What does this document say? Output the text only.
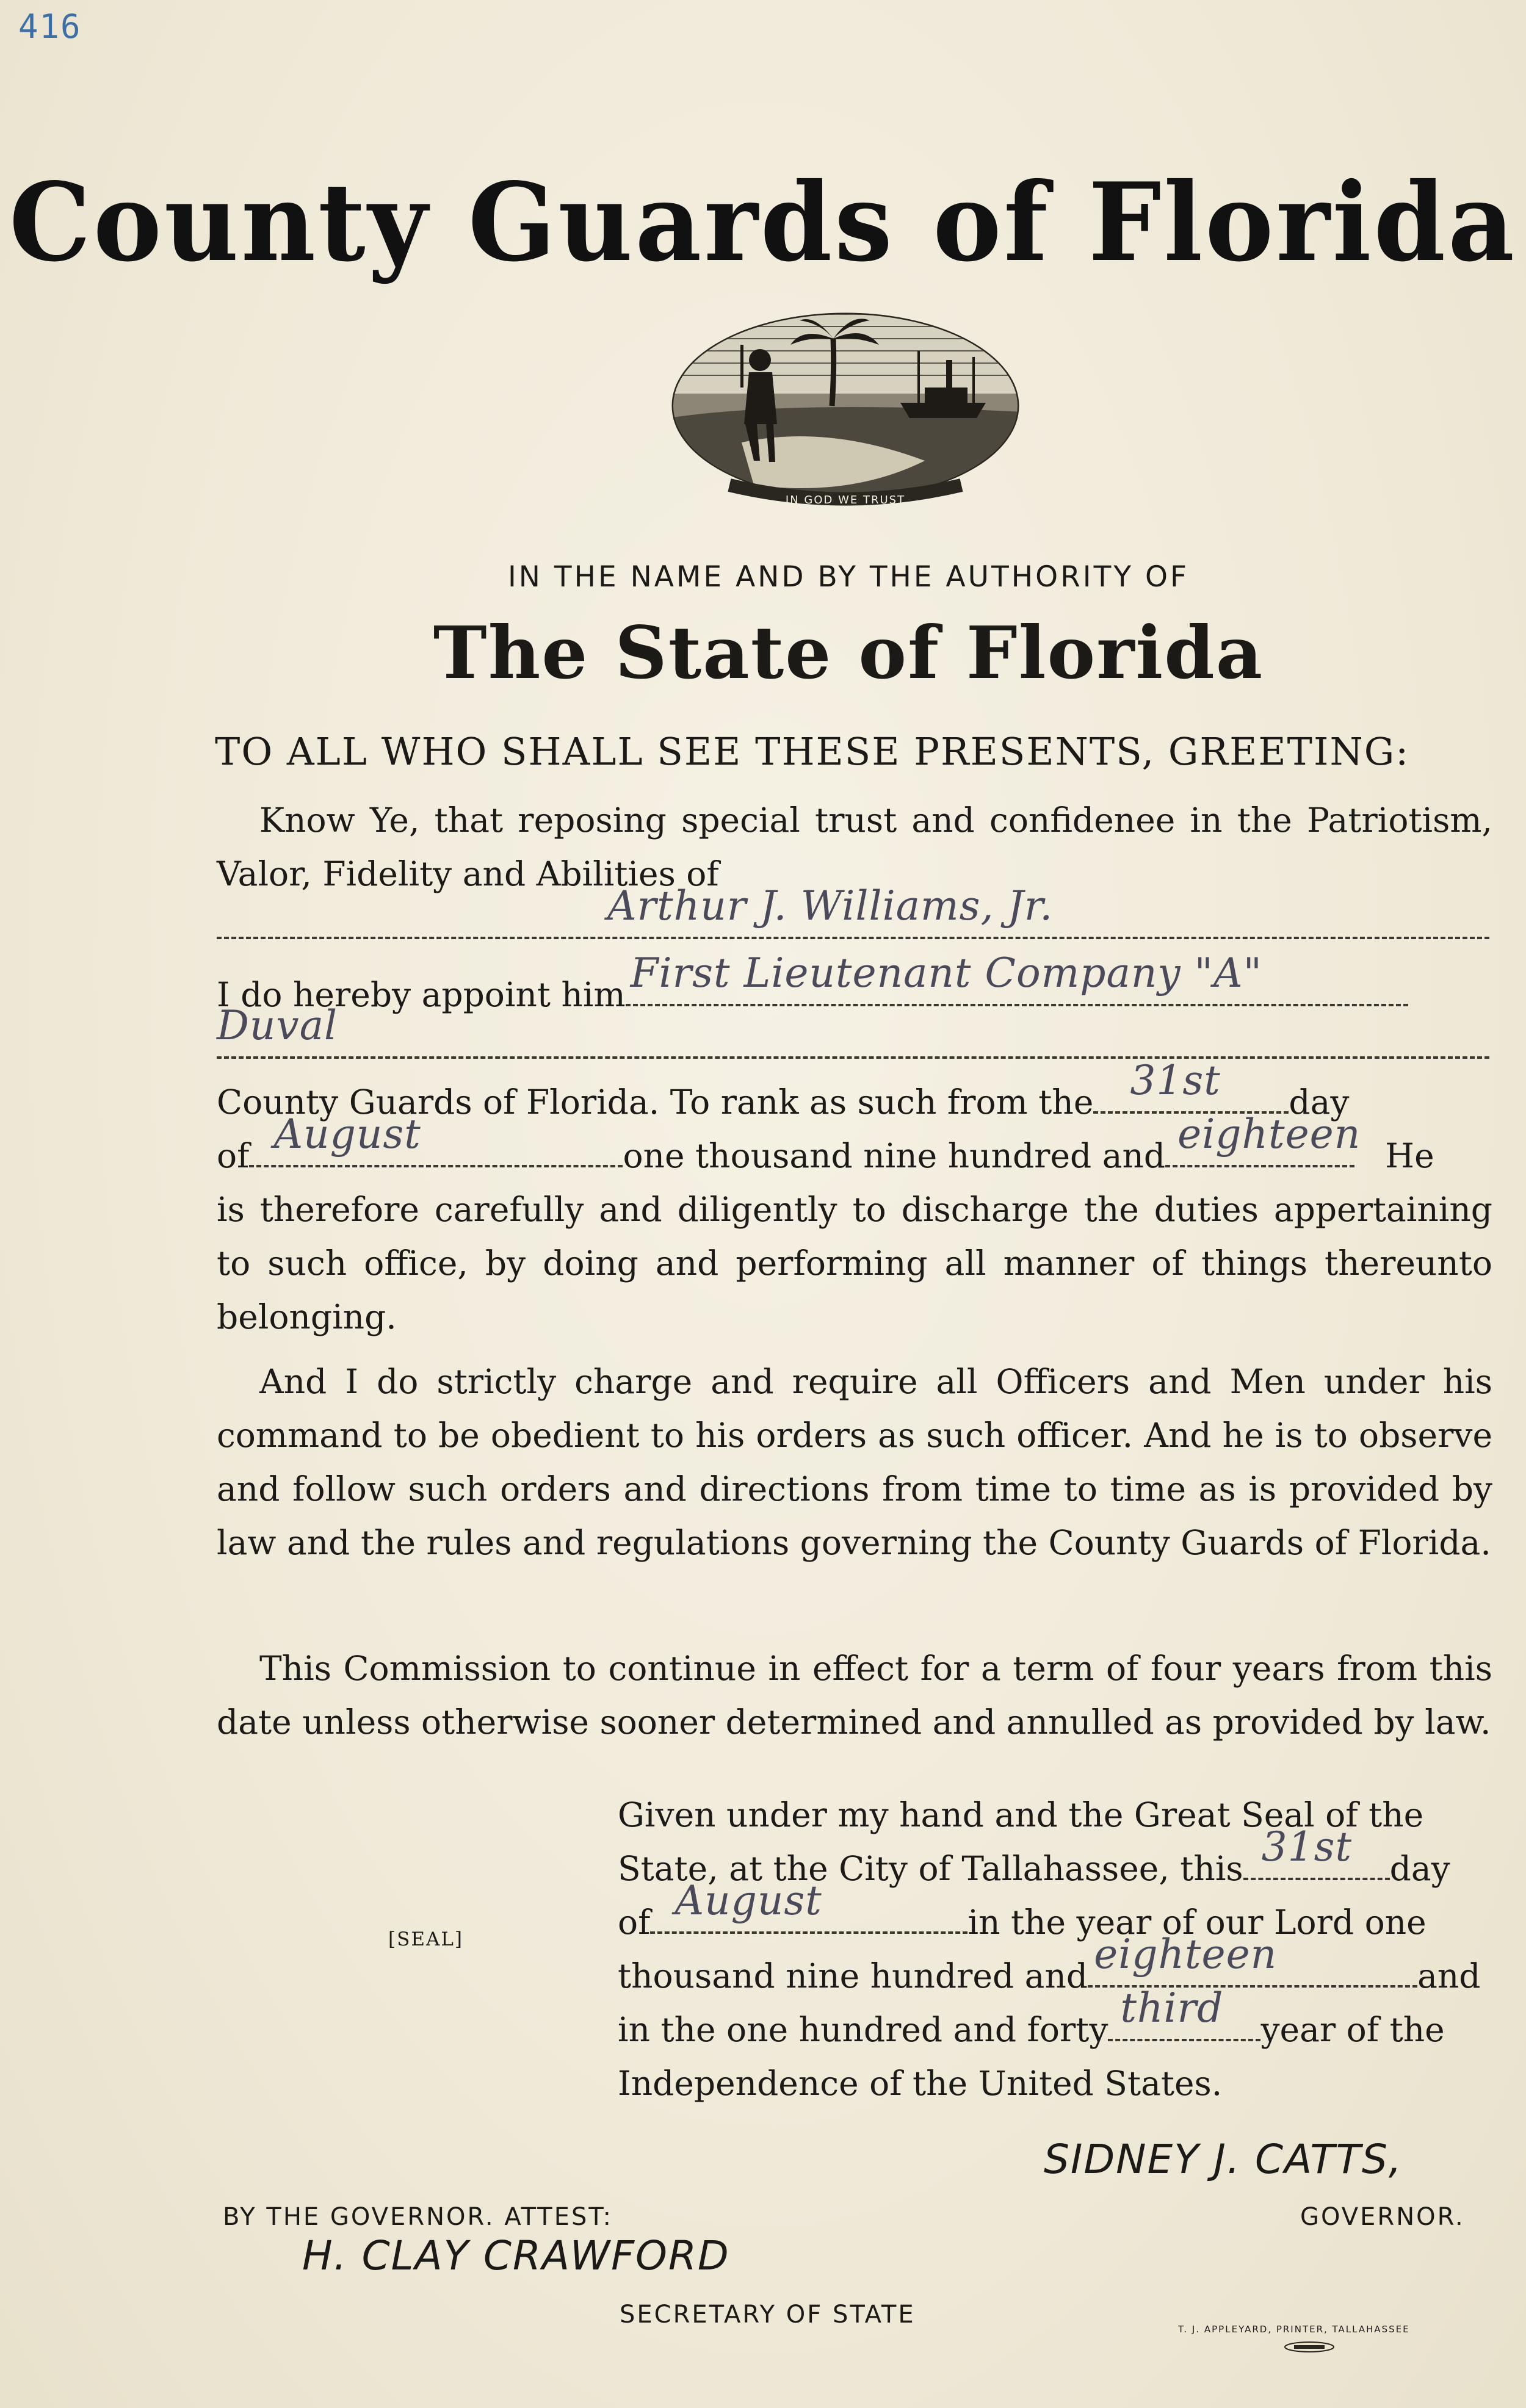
416
County Guards of Florida
IN GOD WE TRUST
IN THE NAME AND BY THE AUTHORITY OF
The State of Florida
TO ALL WHO SHALL SEE THESE PRESENTS, GREETING:
Know Ye, that reposing special trust and confidenee in the Patriotism, Valor, Fidelity and Abilities of
Arthur J. Williams, Jr.
I do hereby appoint him First Lieutenant Company "A"
Duval
County Guards of Florida. To rank as such from the 31st day
of August	one thousand nine hundred and eighteen He
is therefore carefully and diligently to discharge the duties appertaining to such office, by doing and performing all manner of things thereunto belonging.
And I do strictly charge and require all Officers and Men under his command to be obedient to his orders as such officer. And he is to observe and follow such orders and directions from time to time as is provided by law and the rules and regulations governing the County Guards of Florida.
This Commission to continue in effect for a term of four years from this date unless otherwise sooner determined and annulled as provided by law.
Given under my hand and the Great Seal of the
State, at the City of Tallahassee, this 31st day
of August	in the year of our Lord one
thousand nine hundred and eighteen	and
in the one hundred and forty third year of the
Independence of the United States.
[SEAL]
SIDNEY J. CATTS,
GOVERNOR.
BY THE GOVERNOR. ATTEST:
H. CLAY CRAWFORD
SECRETARY OF STATE
T. J. APPLEYARD, PRINTER, TALLAHASSEE
